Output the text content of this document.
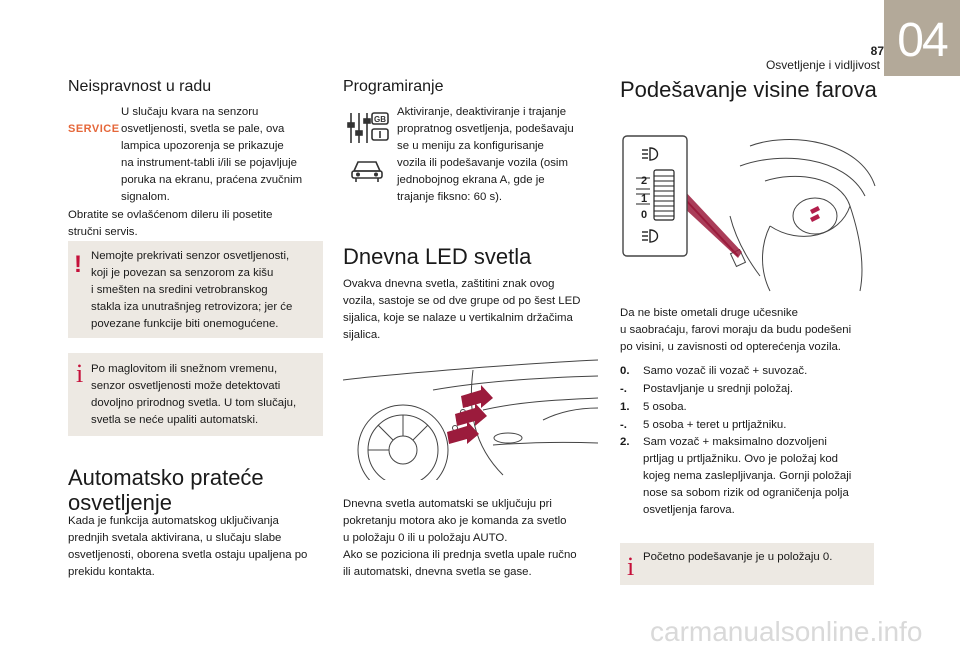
87
Osvetljenje i vidljivost 04
Neispravnost u radu
SERVICE
U slučaju kvara na senzoru
osvetljenosti, svetla se pale, ova
lampica upozorenja se prikazuje
na instrument-tabli i/ili se pojavljuje
poruka na ekranu, praćena zvučnim
signalom.
Obratite se ovlašćenom dileru ili posetite
stručni servis.
! Nemojte prekrivati senzor osvetljenosti,
koji je povezan sa senzorom za kišu
i smešten na sredini vetrobranskog
stakla iza unutrašnjeg retrovizora; jer će
povezane funkcije biti onemogućene.
i Po maglovitom ili snežnom vremenu,
senzor osvetljenosti može detektovati
dovoljno prirodnog svetla. U tom slučaju,
svetla se neće upaliti automatski.
Automatsko prateće
osvetljenje
Kada je funkcija automatskog uključivanja
prednjih svetala aktivirana, u slučaju slabe
osvetljenosti, oborena svetla ostaju upaljena po
prekidu kontakta.
Programiranje
GB
Aktiviranje, deaktiviranje i trajanje
propratnog osvetljenja, podešavaju
se u meniju za konfigurisanje
vozila ili podešavanje vozila (osim
jednobojnog ekrana A, gde je
trajanje fiksno: 60 s).
Dnevna LED svetla
Ovakva dnevna svetla, zaštitini znak ovog
vozila, sastoje se od dve grupe od po šest LED
sijalica, koje se nalaze u vertikalnim držačima
sijalica.
Dnevna svetla automatski se uključuju pri
pokretanju motora ako je komanda za svetlo
u položaju 0 ili u položaju AUTO.
Ako se poziciona ili prednja svetla upale ručno
ili automatski, dnevna svetla se gase.
Podešavanje visine farova
2
1
0
Da ne biste ometali druge učesnike
u saobraćaju, farovi moraju da budu podešeni
po visini, u zavisnosti od opterećenja vozila.
0. Samo vozač ili vozač + suvozač.
-. Postavljanje u srednji položaj.
1. 5 osoba.
-. 5 osoba + teret u prtljažniku.
2. Sam vozač + maksimalno dozvoljeni
prtljag u prtljažniku. Ovo je položaj kod
kojeg nema zaslepljivanja. Gornji položaji
nose sa sobom rizik od ograničenja polja
osvetljenja farova.
i Početno podešavanje je u položaju 0.
carmanualsonline.info
